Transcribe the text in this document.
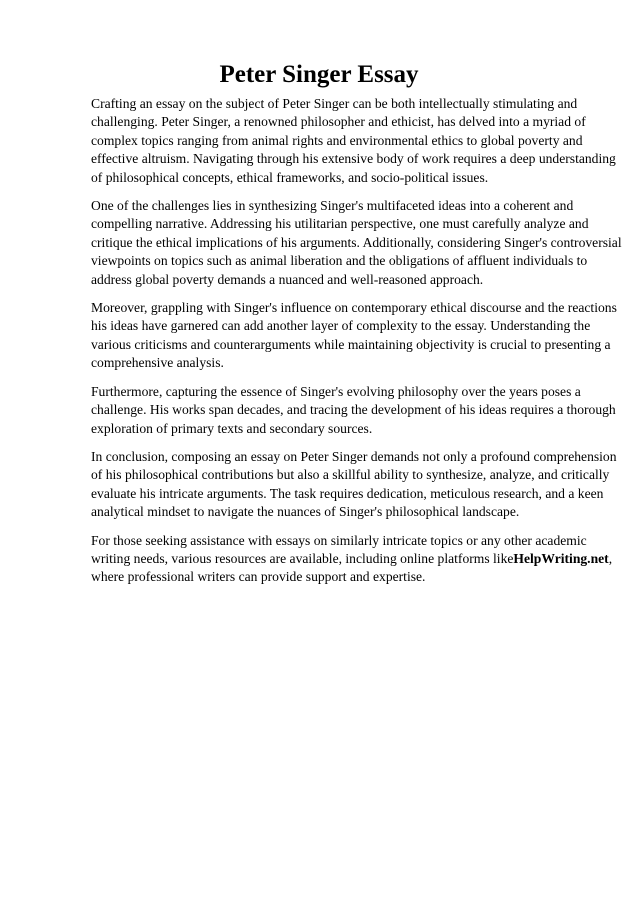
Peter Singer Essay

Crafting an essay on the subject of Peter Singer can be both intellectually stimulating and
challenging. Peter Singer, a renowned philosopher and ethicist, has delved into a myriad of
complex topics ranging from animal rights and environmental ethics to global poverty and
effective altruism. Navigating through his extensive body of work requires a deep understanding
of philosophical concepts, ethical frameworks, and socio-political issues.

One of the challenges lies in synthesizing Singer's multifaceted ideas into a coherent and
compelling narrative. Addressing his utilitarian perspective, one must carefully analyze and
critique the ethical implications of his arguments. Additionally, considering Singer's controversial
viewpoints on topics such as animal liberation and the obligations of affluent individuals to
address global poverty demands a nuanced and well-reasoned approach.

Moreover, grappling with Singer's influence on contemporary ethical discourse and the reactions
his ideas have garnered can add another layer of complexity to the essay. Understanding the
various criticisms and counterarguments while maintaining objectivity is crucial to presenting a
comprehensive analysis.

Furthermore, capturing the essence of Singer's evolving philosophy over the years poses a
challenge. His works span decades, and tracing the development of his ideas requires a thorough
exploration of primary texts and secondary sources.

In conclusion, composing an essay on Peter Singer demands not only a profound comprehension
of his philosophical contributions but also a skillful ability to synthesize, analyze, and critically
evaluate his intricate arguments. The task requires dedication, meticulous research, and a keen
analytical mindset to navigate the nuances of Singer's philosophical landscape.

For those seeking assistance with essays on similarly intricate topics or any other academic
writing needs, various resources are available, including online platforms likeHelpWriting.net,
where professional writers can provide support and expertise.
